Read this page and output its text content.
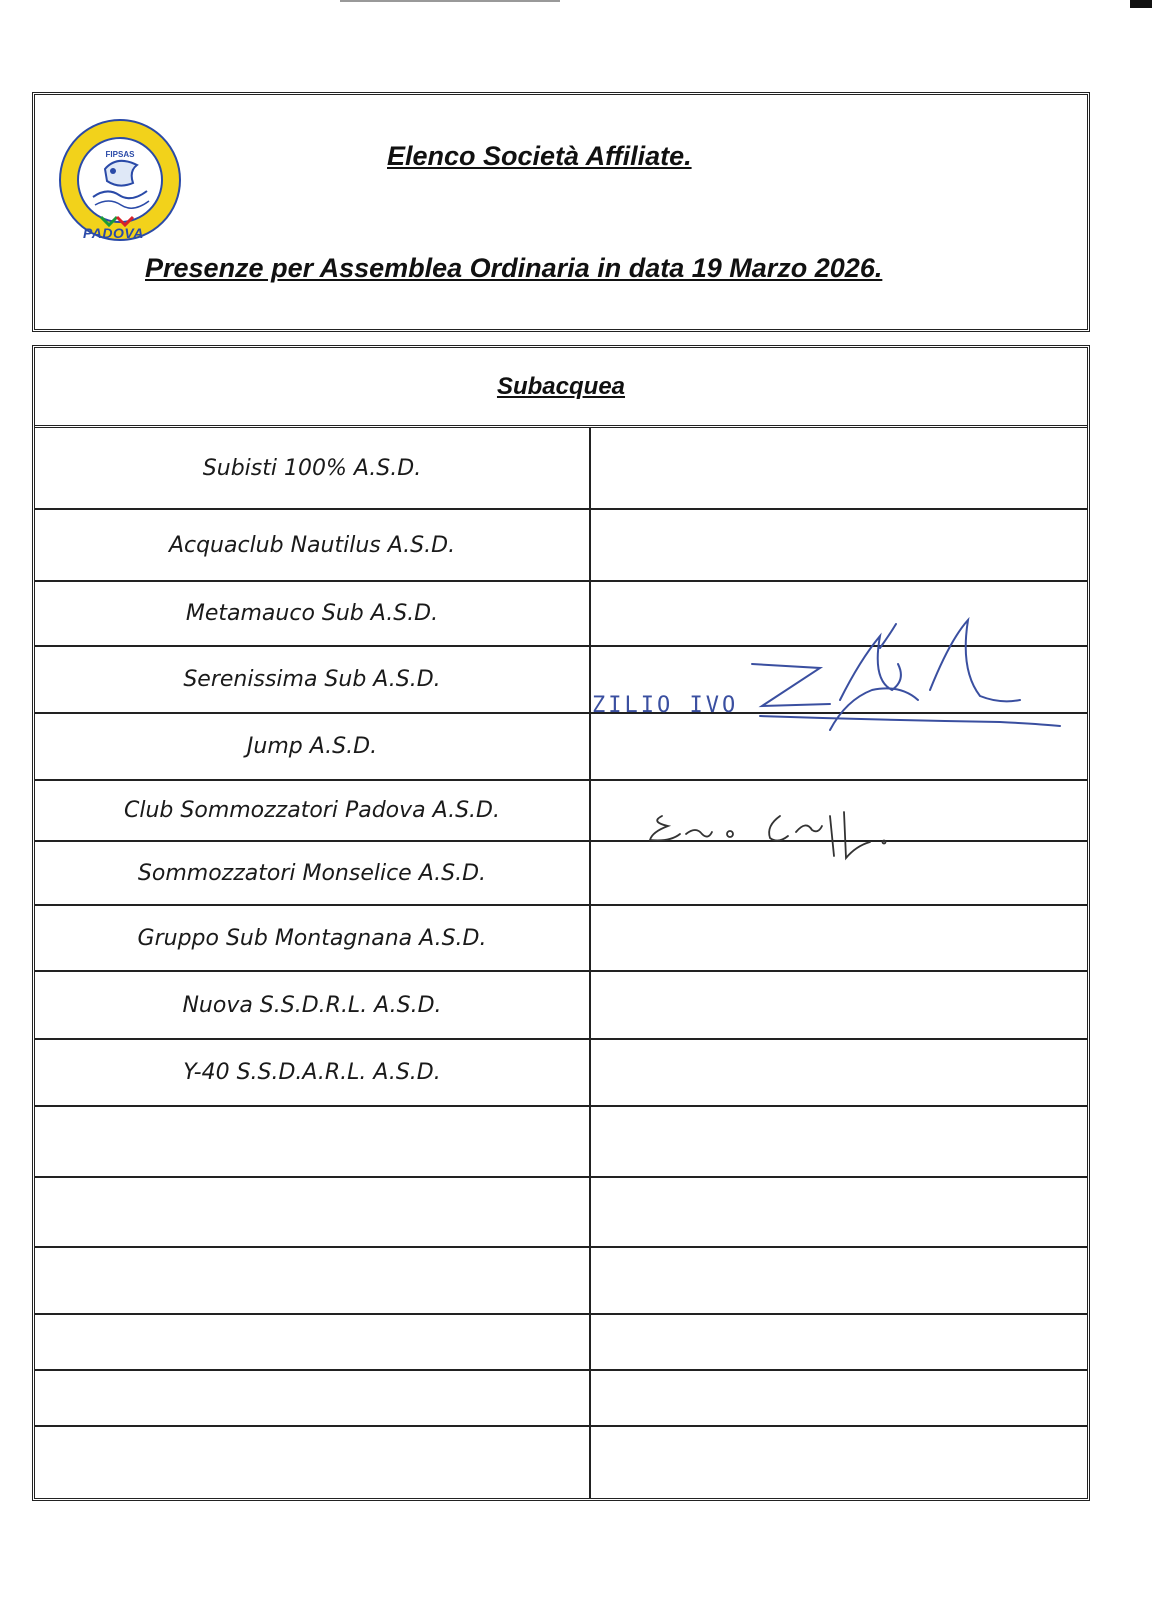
FIPSAS
PADOVA
Elenco Società Affiliate.
Presenze per Assemblea Ordinaria in data 19 Marzo 2026.
Subacquea
Subisti 100% A.S.D.
Acquaclub Nautilus A.S.D.
Metamauco Sub A.S.D.
Serenissima Sub A.S.D.
Jump A.S.D.
Club Sommozzatori Padova A.S.D.
Sommozzatori Monselice A.S.D.
Gruppo Sub Montagnana A.S.D.
Nuova S.S.D.R.L. A.S.D.
Y-40 S.S.D.A.R.L. A.S.D.
ZILIO IVO
